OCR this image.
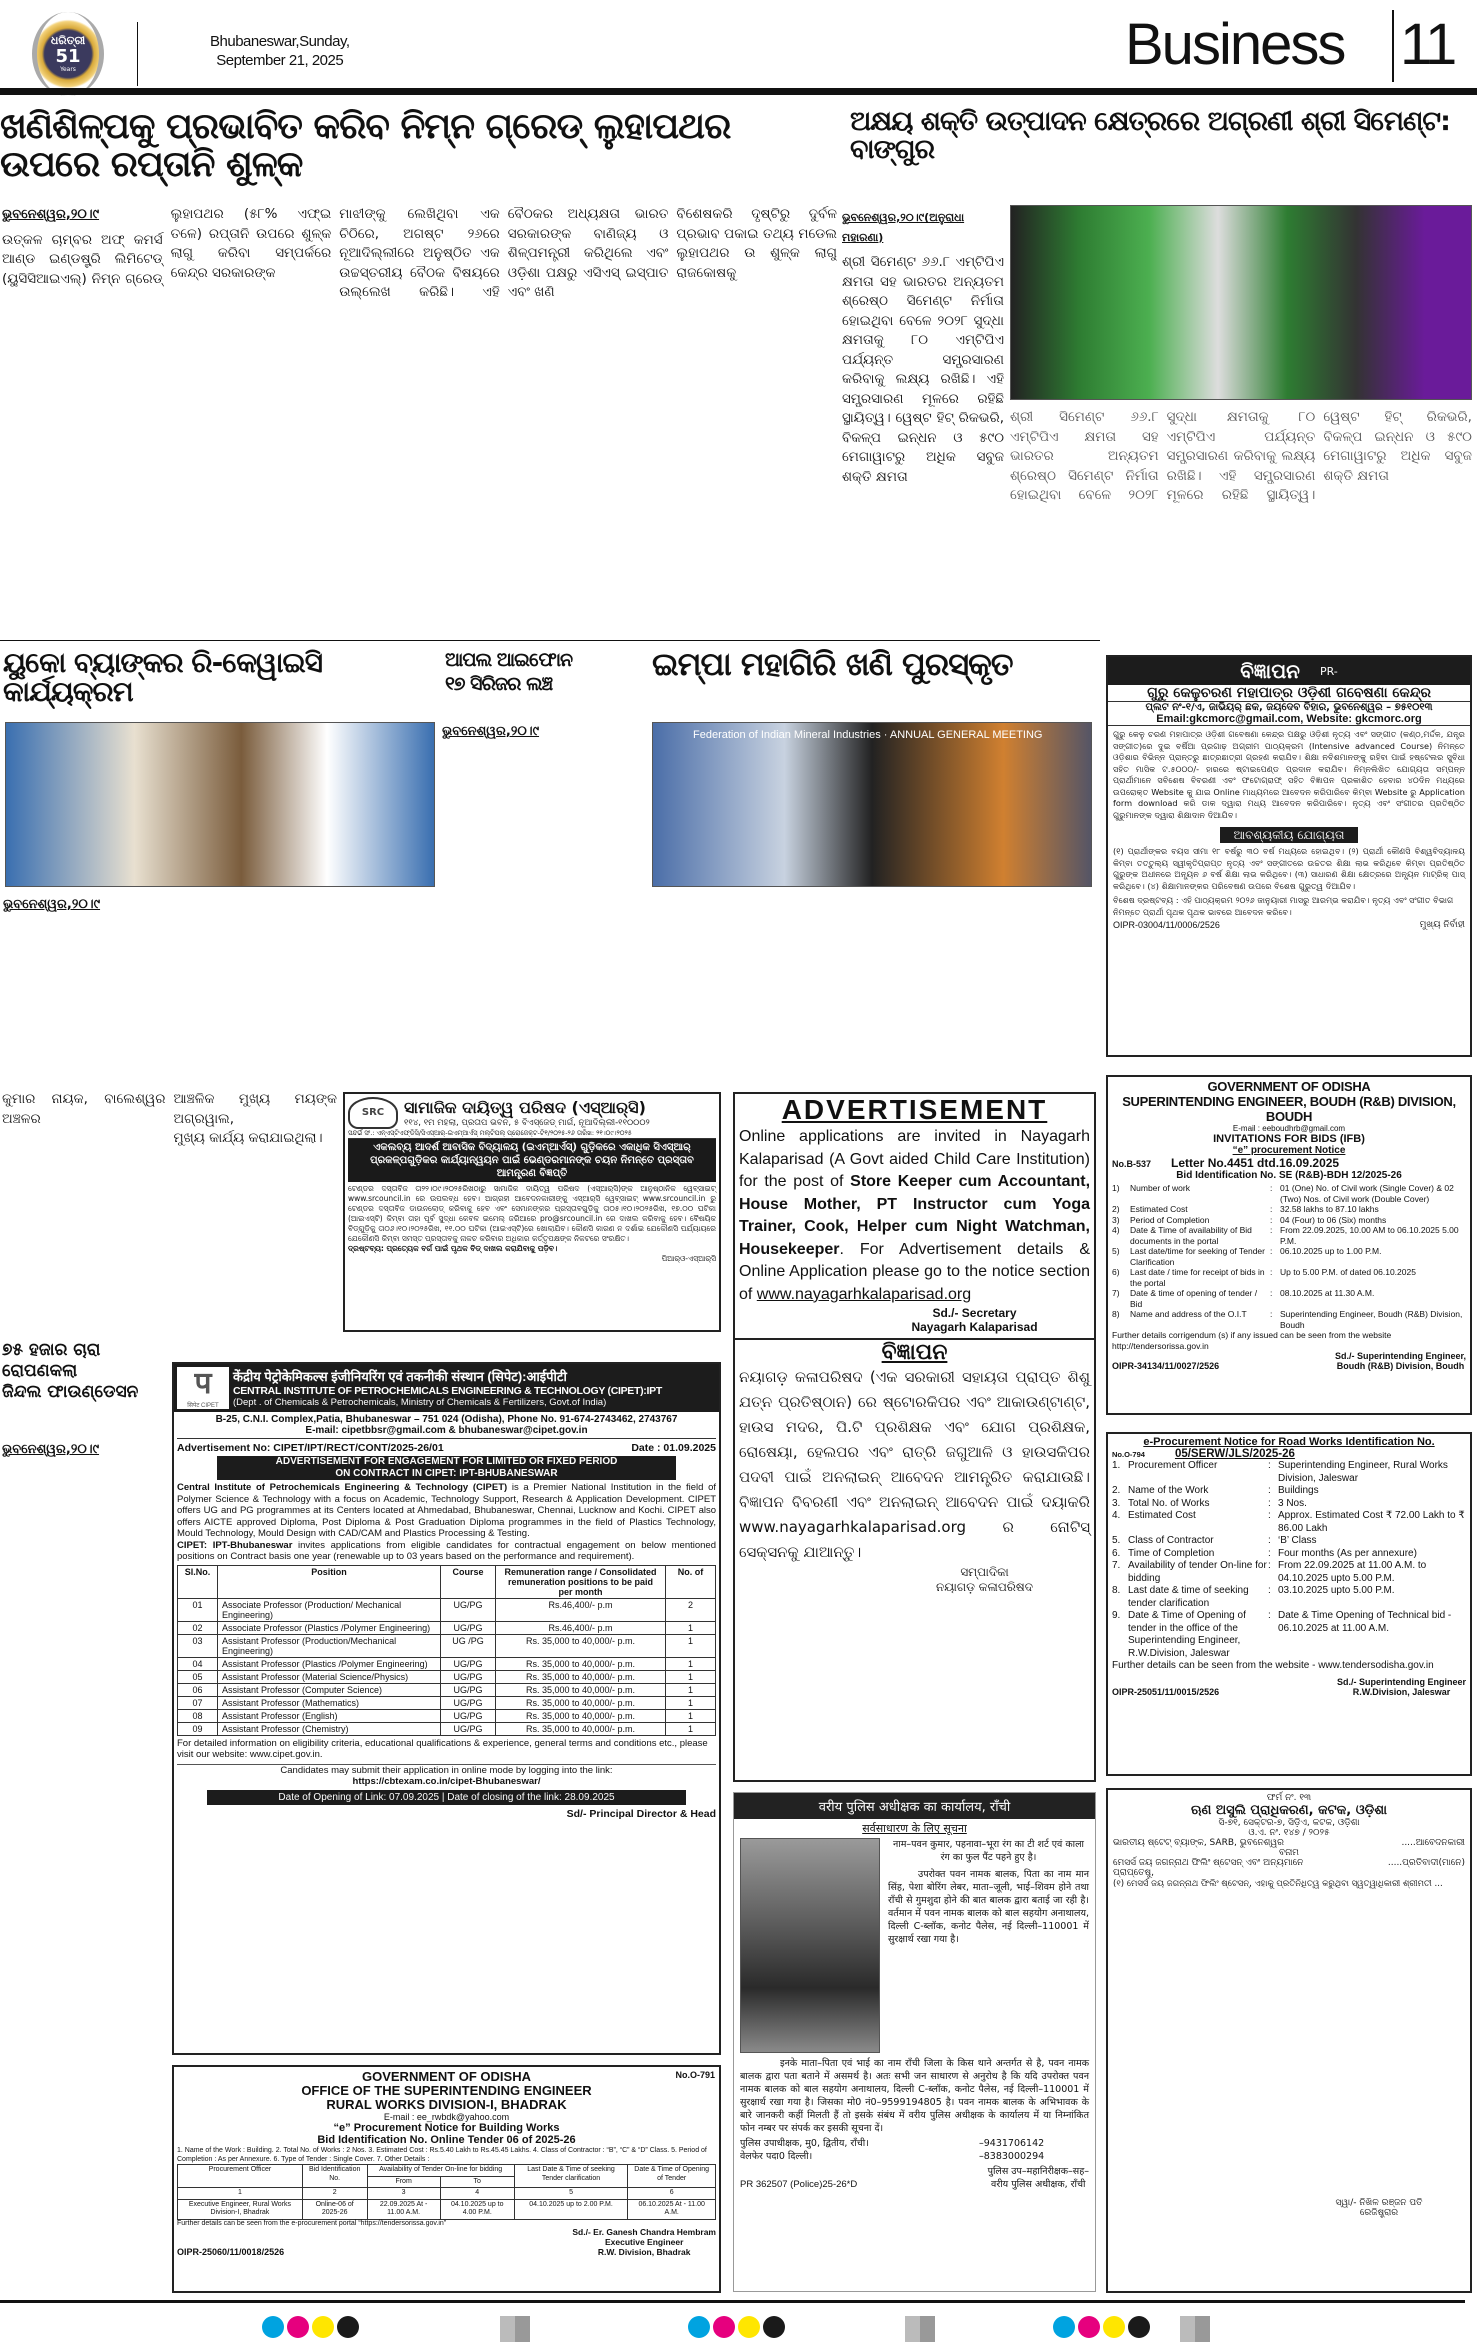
ଧରିତ୍ରୀ
51
Years
Bhubaneswar,Sunday,
September 21, 2025	Business 11
ଖଣିଶିଳ୍ପକୁ ପ୍ରଭାବିତ କରିବ ନିମ୍ନ ଗ୍ରେଡ୍ ଲୁହାପଥର ଉପରେ ରପ୍ତାନି ଶୁଳ୍କ
ଭୁବନେଶ୍ୱର,୨୦।୯

ଉତ୍କଳ ଚାମ୍ବର ଅଫ୍ କମର୍ସ ଆଣ୍ଡ ଇଣ୍ଡଷ୍ଟ୍ରି ଲିମିଟେଡ୍ (ୟୁସିସିଆଇଏଲ୍) ନିମ୍ନ ଗ୍ରେଡ୍ ଲୁହାପଥର (୫୮% ଏଫ୍‌ଇ ତଳେ) ରପ୍ତାନି ଉପରେ ଶୁଳ୍କ ଲାଗୁ କରିବା ସମ୍ପର୍କରେ କେନ୍ଦ୍ର ସରକାରଙ୍କ

ମାଝୀଙ୍କୁ ଲେଖିଥିବା ଏକ ଚିଠିରେ, ଅଗଷ୍ଟ ୨୬ରେ ନୂଆଦିଲ୍ଲୀରେ ଅନୁଷ୍ଠିତ ଏକ ଉଚ୍ଚସ୍ତରୀୟ ବୈଠକ ବିଷୟରେ ଉଲ୍ଲେଖ କରିଛି। ଏହି ବୈଠକର ଅଧ୍ୟକ୍ଷତା ଭାରତ ସରକାରଙ୍କ ବାଣିଜ୍ୟ ଓ ଶିଳ୍ପମନ୍ତ୍ରୀ କରିଥିଲେ ଏବଂ ଓଡ଼ିଶା ପକ୍ଷରୁ ଏସିଏସ୍ ଇସ୍ପାତ ଏବଂ ଖଣି

ବିଶେଷକରି ଦୃଷ୍ଟିରୁ ଦୁର୍ବଳ ପ୍ରଭାବ ପକାଇ ତଥ୍ୟ ମଡେଲ ଲୁହାପଥର ଉ ଶୁଳ୍କ ଲାଗୁ ରାଜକୋଷକୁ

ଅକ୍ଷୟ ଶକ୍ତି ଉତ୍ପାଦନ କ୍ଷେତ୍ରରେ ଅଗ୍ରଣୀ ଶ୍ରୀ ସିମେଣ୍ଟ: ବାଙ୍ଗୁର
ଭୁବନେଶ୍ୱର,୨୦।୯(ଅନୁରାଧା ମହାରଣା)

ଶ୍ରୀ ସିମେଣ୍ଟ ୬୬.୮ ଏମ୍‌ଟିପିଏ କ୍ଷମତା ସହ ଭାରତର ଅନ୍ୟତମ ଶ୍ରେଷ୍ଠ ସିମେଣ୍ଟ ନିର୍ମାତା ହୋଇଥିବା ବେଳେ ୨୦୨୮ ସୁଦ୍ଧା କ୍ଷମତାକୁ ୮୦ ଏମ୍‌ଟିପିଏ ପର୍ଯ୍ୟନ୍ତ ସମ୍ପ୍ରସାରଣ କରିବାକୁ ଲକ୍ଷ୍ୟ ରଖିଛି। ଏହି ସମ୍ପ୍ରସାରଣ ମୂଳରେ ରହିଛି ସ୍ଥାୟିତ୍ୱ। ୱେଷ୍ଟ ହିଟ୍ ରିକଭରି, ବିକଳ୍ପ ଇନ୍ଧନ ଓ ୫୯୦ ମେଗାୱାଟରୁ ଅଧିକ ସବୁଜ ଶକ୍ତି କ୍ଷମତା

ଶ୍ରୀ ସିମେଣ୍ଟ ୬୬.୮ ଏମ୍‌ଟିପିଏ କ୍ଷମତା ସହ ଭାରତର ଅନ୍ୟତମ ଶ୍ରେଷ୍ଠ ସିମେଣ୍ଟ ନିର୍ମାତା ହୋଇଥିବା ବେଳେ ୨୦୨୮ ସୁଦ୍ଧା କ୍ଷମତାକୁ ୮୦ ଏମ୍‌ଟିପିଏ ପର୍ଯ୍ୟନ୍ତ ସମ୍ପ୍ରସାରଣ କରିବାକୁ ଲକ୍ଷ୍ୟ ରଖିଛି। ଏହି ସମ୍ପ୍ରସାରଣ ମୂଳରେ ରହିଛି ସ୍ଥାୟିତ୍ୱ। ୱେଷ୍ଟ ହିଟ୍ ରିକଭରି, ବିକଳ୍ପ ଇନ୍ଧନ ଓ ୫୯୦ ମେଗାୱାଟରୁ ଅଧିକ ସବୁଜ ଶକ୍ତି କ୍ଷମତା

ୟୁକୋ ବ୍ୟାଙ୍କର ରି-କେୱାଇସି କାର୍ଯ୍ୟକ୍ରମ
ଆପଲ ଆଇଫୋନ
୧୭ ସିରିଜର ଲଞ୍ଚ
ଇମ୍ପା ମହାଗିରି ଖଣି ପୁରସ୍କୃତ
ଭୁବନେଶ୍ୱର,୨୦।୯	Federation of Indian Mineral Industries · ANNUAL GENERAL MEETING
ଭୁବନେଶ୍ୱର,୨୦।୯

କୁମାର ନାୟକ, ବାଲେଶ୍ୱର ଅଞ୍ଚଳର

ଆଞ୍ଚଳିକ ମୁଖ୍ୟ ମୟଙ୍କ ଅଗ୍ରୱାଲ,

ମୁଖ୍ୟ କାର୍ଯ୍ୟ କରାଯାଇଥିଲା।

୭୫ ହଜାର ଚାରା ରୋପଣକଲା
ଜିନ୍ଦଲ ଫାଉଣ୍ଡେସନ
ଭୁବନେଶ୍ୱର,୨୦।୯
SRC	ସାମାଜିକ ଦାୟିତ୍ୱ ପରିଷଦ (ଏସ୍ଆର୍‌ସି)
୧୧୪, ୧ମ ମହଲା, ପ୍ରତାପ ଭବନ, ୫ ବିଏସ୍‌ଜେଡ୍ ମାର୍ଗ, ନୂଆଦିଲ୍ଲୀ-୧୧୦୦୦୨
ସନ୍ଦର୍ଭ ସଂ.: ଏନ୍ଏସ୍‌ଟିଏଫ୍‌ଡିସି/ସିଏସ୍ଆର୍-ଇଏମ୍ଆର୍ଏସ୍ ମଲ୍ଟିପଲ୍ ପ୍ରୋଜେକ୍ଟ-ଟି୧/୨୦୨୫-୨୬ ତାରିଖ: ୨୧।୦୯।୨୦୨୫
ଏକଲବ୍ୟ ଆଦର୍ଶ ଆବାସିକ ବିଦ୍ୟାଳୟ (ଇଏମ୍ଆର୍ଏସ୍) ଗୁଡ଼ିକରେ ଏକାଧିକ ସିଏସ୍ଆର୍ ପ୍ରକଳ୍ପଗୁଡ଼ିକର କାର୍ଯ୍ୟାନ୍ୱୟନ ପାଇଁ ଭେଣ୍ଡରମାନଙ୍କ ଚୟନ ନିମନ୍ତେ ପ୍ରସ୍ତାବ ଆମନ୍ତ୍ରଣ ବିଜ୍ଞପ୍ତି
ଟେଣ୍ଡର ଦସ୍ତାବିଜ ତା୨୨।୦୯।୨୦୨୫ରିଖଠାରୁ ସାମାଜିକ ଦାୟିତ୍ୱ ପରିଷଦ (ଏସ୍ଆର୍‌ସି)ଙ୍କ ଆନୁଷ୍ଠାନିକ ୱେବ୍‌ସାଇଟ୍ www.srcouncil.in ରେ ଉପଲବ୍ଧ ହେବ। ଆଗ୍ରହୀ ଆବେଦନକାରୀଙ୍କୁ ଏସ୍ଆର୍‌ସି ୱେବ୍‌ସାଇଟ୍ www.srcouncil.in ରୁ ଟେଣ୍ଡର ଦସ୍ତାବିଜ ଡାଉନଲୋଡ୍ କରିବାକୁ ହେବ ଏବଂ ସେମାନଙ୍କର ପ୍ରସ୍ତାବଗୁଡ଼ିକୁ ତା୦୫।୧୦।୨୦୨୫ରିଖ, ୧୭.୦୦ ଘଟିକା (ଆଇଏସ୍‌ଟି) କିମ୍ବା ତାହା ପୂର୍ବ ସୁଦ୍ଧା କେବଳ ଇମେଲ୍ ଜରିଆରେ pro@srcouncil.in ରେ ଦାଖଲ କରିବାକୁ ହେବ। ବୈଷୟିକ ବିଡ୍‌ଗୁଡ଼ିକୁ ତା୦୬।୧୦।୨୦୨୫ରିଖ, ୧୧.୦୦ ଘଟିକା (ଆଇଏସ୍‌ଟି)ରେ ଖୋଲାଯିବ। କୌଣସି କାରଣ ନ ଦର୍ଶାଇ ଯେକୌଣସି ପର୍ଯ୍ୟାୟରେ ଯେକୌଣସି କିମ୍ବା ସମସ୍ତ ପ୍ରସ୍ତାବକୁ ନାକଚ କରିବାର ଅଧିକାର କର୍ତ୍ତୃପକ୍ଷଙ୍କ ନିକଟରେ ସଂରକ୍ଷିତ।
ଦ୍ରଷ୍ଟବ୍ୟ: ପ୍ରତ୍ୟେକ ବର୍ଗ ପାଇଁ ପୃଥକ ବିଡ୍ ଦାଖଲ କରାଯିବାକୁ ପଡ଼ିବ।
ପିଆର୍‌ଓ-ଏସ୍ଆର୍‌ସି
प
सिपेट CIPET
केंद्रीय पेट्रोकेमिकल्स इंजीनियरिंग एवं तकनीकी संस्थान (सिपेट):आईपीटी
CENTRAL INSTITUTE OF PETROCHEMICALS ENGINEERING & TECHNOLOGY (CIPET):IPT
(Dept . of Chemicals & Petrochemicals, Ministry of Chemicals & Fertilizers, Govt.of India)
B-25, C.N.I. Complex,Patia, Bhubaneswar – 751 024 (Odisha), Phone No. 91-674-2743462, 2743767
E-mail: cipetbbsr@gmail.com & bhubaneswar@cipet.gov.in
Advertisement No: CIPET/IPT/RECT/CONT/2025-26/01	Date : 01.09.2025
ADVERTISEMENT FOR ENGAGEMENT FOR LIMITED OR FIXED PERIOD
ON CONTRACT IN CIPET: IPT-BHUBANESWAR
Central Institute of Petrochemicals Engineering & Technology (CIPET) is a Premier National Institution in the field of Polymer Science & Technology with a focus on Academic, Technology Support, Research & Application Development. CIPET offers UG and PG programmes at its Centers located at Ahmedabad, Bhubaneswar, Chennai, Lucknow and Kochi. CIPET also offers AICTE approved Diploma, Post Diploma & Post Graduation Diploma programmes in the field of Plastics Technology, Mould Technology, Mould Design with CAD/CAM and Plastics Processing & Testing.
CIPET: IPT-Bhubaneswar invites applications from eligible candidates for contractual engagement on below mentioned positions on Contract basis one year (renewable up to 03 years based on the performance and requirement).
Sl.No.	Position	Course	Remuneration range / Consolidated remuneration positions to be paid per month	No. of
01	Associate Professor (Production/ Mechanical Engineering)	UG/PG	Rs.46,400/- p.m	2
02	Associate Professor (Plastics /Polymer Engineering)	UG/PG	Rs.46,400/- p.m	1
03	Assistant Professor (Production/Mechanical Engineering)	UG /PG	Rs. 35,000 to 40,000/- p.m.	1
04	Assistant Professor (Plastics /Polymer Engineering)	UG/PG	Rs. 35,000 to 40,000/- p.m.	1
05	Assistant Professor (Material Science/Physics)	UG/PG	Rs. 35,000 to 40,000/- p.m.	1
06	Assistant Professor (Computer Science)	UG/PG	Rs. 35,000 to 40,000/- p.m.	1
07	Assistant Professor (Mathematics)	UG/PG	Rs. 35,000 to 40,000/- p.m.	1
08	Assistant Professor (English)	UG/PG	Rs. 35,000 to 40,000/- p.m.	1
09	Assistant Professor (Chemistry)	UG/PG	Rs. 35,000 to 40,000/- p.m.	1
For detailed information on eligibility criteria, educational qualifications & experience, general terms and conditions etc., please visit our website: www.cipet.gov.in.
Candidates may submit their application in online mode by logging into the link:
https://cbtexam.co.in/cipet-Bhubaneswar/
Date of Opening of Link: 07.09.2025 | Date of closing of the link: 28.09.2025
Sd/- Principal Director & Head
No.O-791
GOVERNMENT OF ODISHA
OFFICE OF THE SUPERINTENDING ENGINEER
RURAL WORKS DIVISION-I, BHADRAK
E-mail : ee_rwbdk@yahoo.com
“e” Procurement Notice for Building Works
Bid Identification No. Online Tender 06 of 2025-26
1. Name of the Work : Building. 2. Total No. of Works : 2 Nos. 3. Estimated Cost : Rs.5.40 Lakh to Rs.45.45 Lakhs. 4. Class of Contractor : “B”, “C” & “D” Class. 5. Period of Completion : As per Annexure. 6. Type of Tender : Single Cover. 7. Other Details :
Procurement Officer	Bid Identification No.	Availability of Tender On-line for bidding		Last Date & Time of seeking Tender clarification	Date & Time of Opening of Tender
		From	To		
1	2	3	4	5	6
Executive Engineer, Rural Works Division-I, Bhadrak	Online-06 of 2025-26	22.09.2025 At - 11.00 A.M.	04.10.2025 up to 4.00 P.M.	04.10.2025 up to 2.00 P.M.	06.10.2025 At - 11.00 A.M.
Further details can be seen from the e-procurement portal “https://tendersorissa.gov.in”
OIPR-25060/11/0018/2526
Sd./- Er. Ganesh Chandra Hembram
Executive Engineer
R.W. Division, Bhadrak
ADVERTISEMENT
Online applications are invited in Nayagarh Kalaparisad (A Govt aided Child Care Institution) for the post of Store Keeper cum Accountant, House Mother, PT Instructor cum Yoga Trainer, Cook, Helper cum Night Watchman, Housekeeper. For Advertisement details & Online Application please go to the notice section of www.nayagarhkalaparisad.org
Sd./- Secretary
Nayagarh Kalaparisad
ବିଜ୍ଞାପନ
ନୟାଗଡ଼ କଳାପରିଷଦ (ଏକ ସରକାରୀ ସହାୟତା ପ୍ରାପ୍ତ ଶିଶୁ ଯତ୍ନ ପ୍ରତିଷ୍ଠାନ) ରେ ଷ୍ଟୋରକିପର ଏବଂ ଆକାଉଣ୍ଟାଣ୍ଟ, ହାଉସ ମଦର, ପି.ଟି ପ୍ରଶିକ୍ଷକ ଏବଂ ଯୋଗ ପ୍ରଶିକ୍ଷକ, ରୋଷେୟା, ହେଲପର ଏବଂ ରାତ୍ରି ଜଗୁଆଳି ଓ ହାଉସକିପର ପଦବୀ ପାଇଁ ଅନଲାଇନ୍ ଆବେଦନ ଆମନ୍ତ୍ରିତ କରାଯାଉଛି। ବିଜ୍ଞାପନ ବିବରଣୀ ଏବଂ ଅନଲାଇନ୍ ଆବେଦନ ପାଇଁ ଦୟାକରି www.nayagarhkalaparisad.org ର ନୋଟିସ୍ ସେକ୍ସନକୁ ଯାଆନ୍ତୁ।
ସମ୍ପାଦିକା
ନୟାଗଡ଼ କଳାପରିଷଦ
वरीय पुलिस अधीक्षक का कार्यालय, राँची
सर्वसाधारण के लिए सूचना
नाम–पवन कुमार, पहनावा–भूरा रंग का टी शर्ट एवं काला रंग का फुल पैंट पहने हुए है।
उपरोक्त पवन नामक बालक, पिता का नाम मान सिंह, पेशा बोरिंग लेबर, माता–जूली, भाई–शिवम होने तथा राँची से गुमशुदा होने की बात बालक द्वारा बताई जा रही है। वर्तमान में पवन नामक बालक को बाल सहयोग अनाथालय, दिल्ली C-ब्लॉक, कनोट पैलेस, नई दिल्ली–110001 में सुरक्षार्थ रखा गया है।
इनके माता–पिता एवं भाई का नाम राँची जिला के किस थाने अन्तर्गत से है, पवन नामक बालक द्वारा पता बताने में असमर्थ है। अतः सभी जन साधारण से अनुरोध है कि यदि उपरोक्त पवन नामक बालक को बाल सहयोग अनाथालय, दिल्ली C-ब्लॉक, कनोट पैलेस, नई दिल्ली–110001 में सुरक्षार्थ रखा गया है। जिसका मो0 नं0–9599194805 है। पवन नामक बालक के अभिभावक के बारे जानकरी कहीं मिलती हैं तो इसके संबंध में वरीय पुलिस अधीक्षक के कार्यालय में या निम्नांकित फोन नम्बर पर संपर्क कर इसकी सूचना दें।
पुलिस उपाधीक्षक, मु0, द्वितीय, राँची।	–9431706142
वेलफेर पदा0 दिल्ली।	–8383000294
PR 362507 (Police)25-26*D
पुलिस उप–महानिरीक्षक–सह–
वरीय पुलिस अधीक्षक, राँची
ବିଜ୍ଞାପନ PR-
ଗୁରୁ କେଳୁଚରଣ ମହାପାତ୍ର ଓଡ଼ିଶୀ ଗବେଷଣା କେନ୍ଦ୍ର
ପ୍ଲଟ ନଂ-୧/ଏ, ଜାଭିୟର୍ ଛକ, ଜୟଦେବ ବିହାର, ଭୁବନେଶ୍ୱର – ୭୫୧୦୧୩
Email:gkcmorc@gmail.com, Website: gkcmorc.org
ଗୁରୁ କେଳୁ ଚରଣ ମହାପାତ୍ର ଓଡ଼ିଶୀ ଗବେଷଣା କେନ୍ଦ୍ର ପକ୍ଷରୁ ଓଡ଼ିଶୀ ନୃତ୍ୟ ଏବଂ ସଙ୍ଗୀତ (କଣ୍ଠ,ମର୍ଦ୍ଦଳ, ଯନ୍ତ୍ର ସଙ୍ଗୀତ)ରେ ଦୁଇ ବର୍ଷିଆ ପ୍ରଗାଢ଼ ଅଗ୍ରୀମ ପାଠ୍ୟକ୍ରମ (Intensive advanced Course) ନିମନ୍ତେ ଓଡ଼ିଶାର ବିଭିନ୍ନ ପ୍ରାନ୍ତରୁ ଛାତ୍ରଛାତ୍ରୀ ଗ୍ରହଣ କରାଯିବ। ଶିକ୍ଷା ନବିଶମାନଙ୍କୁ ରହିବା ପାଇଁ ହଷ୍ଟେଲର ସୁବିଧା ସହିତ ମାସିକ ଟ.୫୦୦୦/- ହାରରେ ଷ୍ଟାଇପେଣ୍ଡ ପ୍ରଦାନ କରାଯିବ। ନିମ୍ନଲିଖିତ ଯୋଗ୍ୟତା ସମ୍ପନ୍ନ ପ୍ରାର୍ଥୀମାନେ ସବିଶେଷ ବିବରଣୀ ଏବଂ ଫଟୋଗ୍ରାଫ୍ ସହିତ ବିଜ୍ଞାପନ ପ୍ରକାଶିତ ହେବାର ୪୦ଦିନ ମଧ୍ୟରେ ଉପରୋକ୍ତ Website କୁ ଯାଇ Online ମାଧ୍ୟମରେ ଆବେଦନ କରିପାରିବେ କିମ୍ବା Website ରୁ Application form download କରି ଡାକ ଦ୍ୱାରା ମଧ୍ୟ ଆବେଦନ କରିପାରିବେ। ନୃତ୍ୟ ଏବଂ ସଂଗୀତର ପ୍ରତିଷ୍ଠିତ ଗୁରୁମାନଙ୍କ ଦ୍ୱାରା ଶିକ୍ଷାଦାନ ଦିଆଯିବ।
ଆବଶ୍ୟକୀୟ ଯୋଗ୍ୟତା
(୧) ପ୍ରାର୍ଥୀଙ୍କର ବୟସ ସୀମା ୧୮ ବର୍ଷରୁ ୩୦ ବର୍ଷ ମଧ୍ୟରେ ହୋଇଥିବ। (୨) ପ୍ରାର୍ଥୀ କୌଣସି ବିଶ୍ୱବିଦ୍ୟାଳୟ କିମ୍ବା ତତ୍ତୁଲ୍ୟ ସ୍ୱୀକୃତିପ୍ରାପ୍ତ ନୃତ୍ୟ ଏବଂ ସଙ୍ଗୀତରେ ଉଚ୍ଚତର ଶିକ୍ଷା ଲାଭ କରିଥିବେ କିମ୍ବା ପ୍ରତିଷ୍ଠିତ ଗୁରୁଙ୍କ ଅଧୀନରେ ଅନ୍ୟୂନ ୬ ବର୍ଷ ଶିକ୍ଷା ଲାଭ କରିଥିବେ। (୩) ସାଧାରଣ ଶିକ୍ଷା କ୍ଷେତ୍ରରେ ଅନ୍ୟୂନ ମାଟ୍ରିକ୍ ପାସ୍ କରିଥିବେ। (୪) ଶିକ୍ଷାମାନଙ୍କର ପରିବେଷଣ ଉପରେ ବିଶେଷ ଗୁରୁତ୍ୱ ଦିଆଯିବ।
ବିଶେଷ ଦ୍ରଷ୍ଟବ୍ୟ : ଏହି ପାଠ୍ୟକ୍ରମ ୨୦୨୬ ଜାନୁୟାରୀ ମାସରୁ ଆରମ୍ଭ କରାଯିବ। ନୃତ୍ୟ ଏବଂ ସଂଗୀତ ବିଭାଗ ନିମନ୍ତେ ପ୍ରାର୍ଥୀ ପୃଥକ ପୃଥକ ଭାବରେ ଆବେଦନ କରିବେ।
OIPR-03004/11/0006/2526	ମୁଖ୍ୟ ନିର୍ବାହୀ
GOVERNMENT OF ODISHA
SUPERINTENDING ENGINEER, BOUDH (R&B) DIVISION, BOUDH
E-mail : eeboudhrb@gmail.com
INVITATIONS FOR BIDS (IFB)
“e” procurement Notice
No.B-537 Letter No.4451 dtd.16.09.2025
Bid Identification No. SE (R&B)-BDH 12/2025-26
1)	Number of work	: 01 (One) No. of Civil work (Single Cover) & 02 (Two) Nos. of Civil work (Double Cover)
2)	Estimated Cost	: 32.58 lakhs to 87.10 lakhs
3)	Period of Completion	: 04 (Four) to 06 (Six) months
4)	Date & Time of availability of Bid documents in the portal
: From 22.09.2025, 10.00 AM to 06.10.2025 5.00 P.M.
5)	Last date/time for seeking of Tender Clarification
: 06.10.2025 up to 1.00 P.M.
6)	Last date / time for receipt of bids in the portal
: Up to 5.00 P.M. of dated 06.10.2025
7)	Date & time of opening of tender / Bid
: 08.10.2025 at 11.30 A.M.
8)	Name and address of the O.I.T	: Superintending Engineer, Boudh (R&B) Division, Boudh
Further details corrigendum (s) if any issued can be seen from the website http://tendersorissa.gov.in
OIPR-34134/11/0027/2526
Sd./- Superintending Engineer,
Boudh (R&B) Division, Boudh
e-Procurement Notice for Road Works Identification No.
No.O-794	05/SERW/JLS/2025-26
1. Procurement Officer	: Superintending Engineer, Rural Works Division, Jaleswar
2. Name of the Work	: Buildings
3. Total No. of Works	: 3 Nos.
4. Estimated Cost	: Approx. Estimated Cost ₹ 72.00 Lakh to ₹ 86.00 Lakh
5. Class of Contractor	: ‘B’ Class
6. Time of Completion	: Four months (As per annexure)
7. Availability of tender On-line for bidding
: From 22.09.2025 at 11.00 A.M. to 04.10.2025 upto 5.00 P.M.
8. Last date & time of seeking tender clarification
: 03.10.2025 upto 5.00 P.M.
9. Date & Time of Opening of tender in the office of the Superintending Engineer, R.W.Division, Jaleswar
: Date & Time Opening of Technical bid - 06.10.2025 at 11.00 A.M.
Further details can be seen from the website - www.tendersodisha.gov.in
OIPR-25051/11/0015/2526
Sd./- Superintending Engineer
R.W.Division, Jaleswar
ଫର୍ମ ନଂ. ୧୩
ଋଣ ଅସୁଲି ପ୍ରାଧିକରଣ, କଟକ, ଓଡ଼ିଶା
ସି-୭୧, ସେକ୍ଟର-୭, ସିଡ଼ିଏ, କଟକ, ଓଡ଼ିଶା
ଓ.ଏ. ନଂ. ୧୪୭ / ୨୦୨୫
ଭାରତୀୟ ଷ୍ଟେଟ୍ ବ୍ୟାଙ୍କ, SARB, ଭୁବନେଶ୍ୱର	.....ଆବେଦନକାରୀ
ବନାମ
ମେସର୍ସ ଜୟ ଜଗନ୍ନାଥ ଫିଲିଂ ଷ୍ଟେସନ୍ ଏବଂ ଅନ୍ୟମାନେ	.....ପ୍ରତିବାଦୀ(ମାନେ)
ପ୍ରାପ୍ତେଷୁ,
(୧) ମେସର୍ସ ଜୟ ଜଗନ୍ନାଥ ଫିଲିଂ ଷ୍ଟେସନ୍, ଏହାକୁ ପ୍ରତିନିଧିତ୍ୱ କରୁଥିବା ସ୍ୱତ୍ୱାଧିକାରୀ ଶ୍ରୀମତୀ ...
ସ୍ୱା/- ନିଖିଳ ରଞ୍ଜନ ପତି
ରେଜିଷ୍ଟ୍ରାର
